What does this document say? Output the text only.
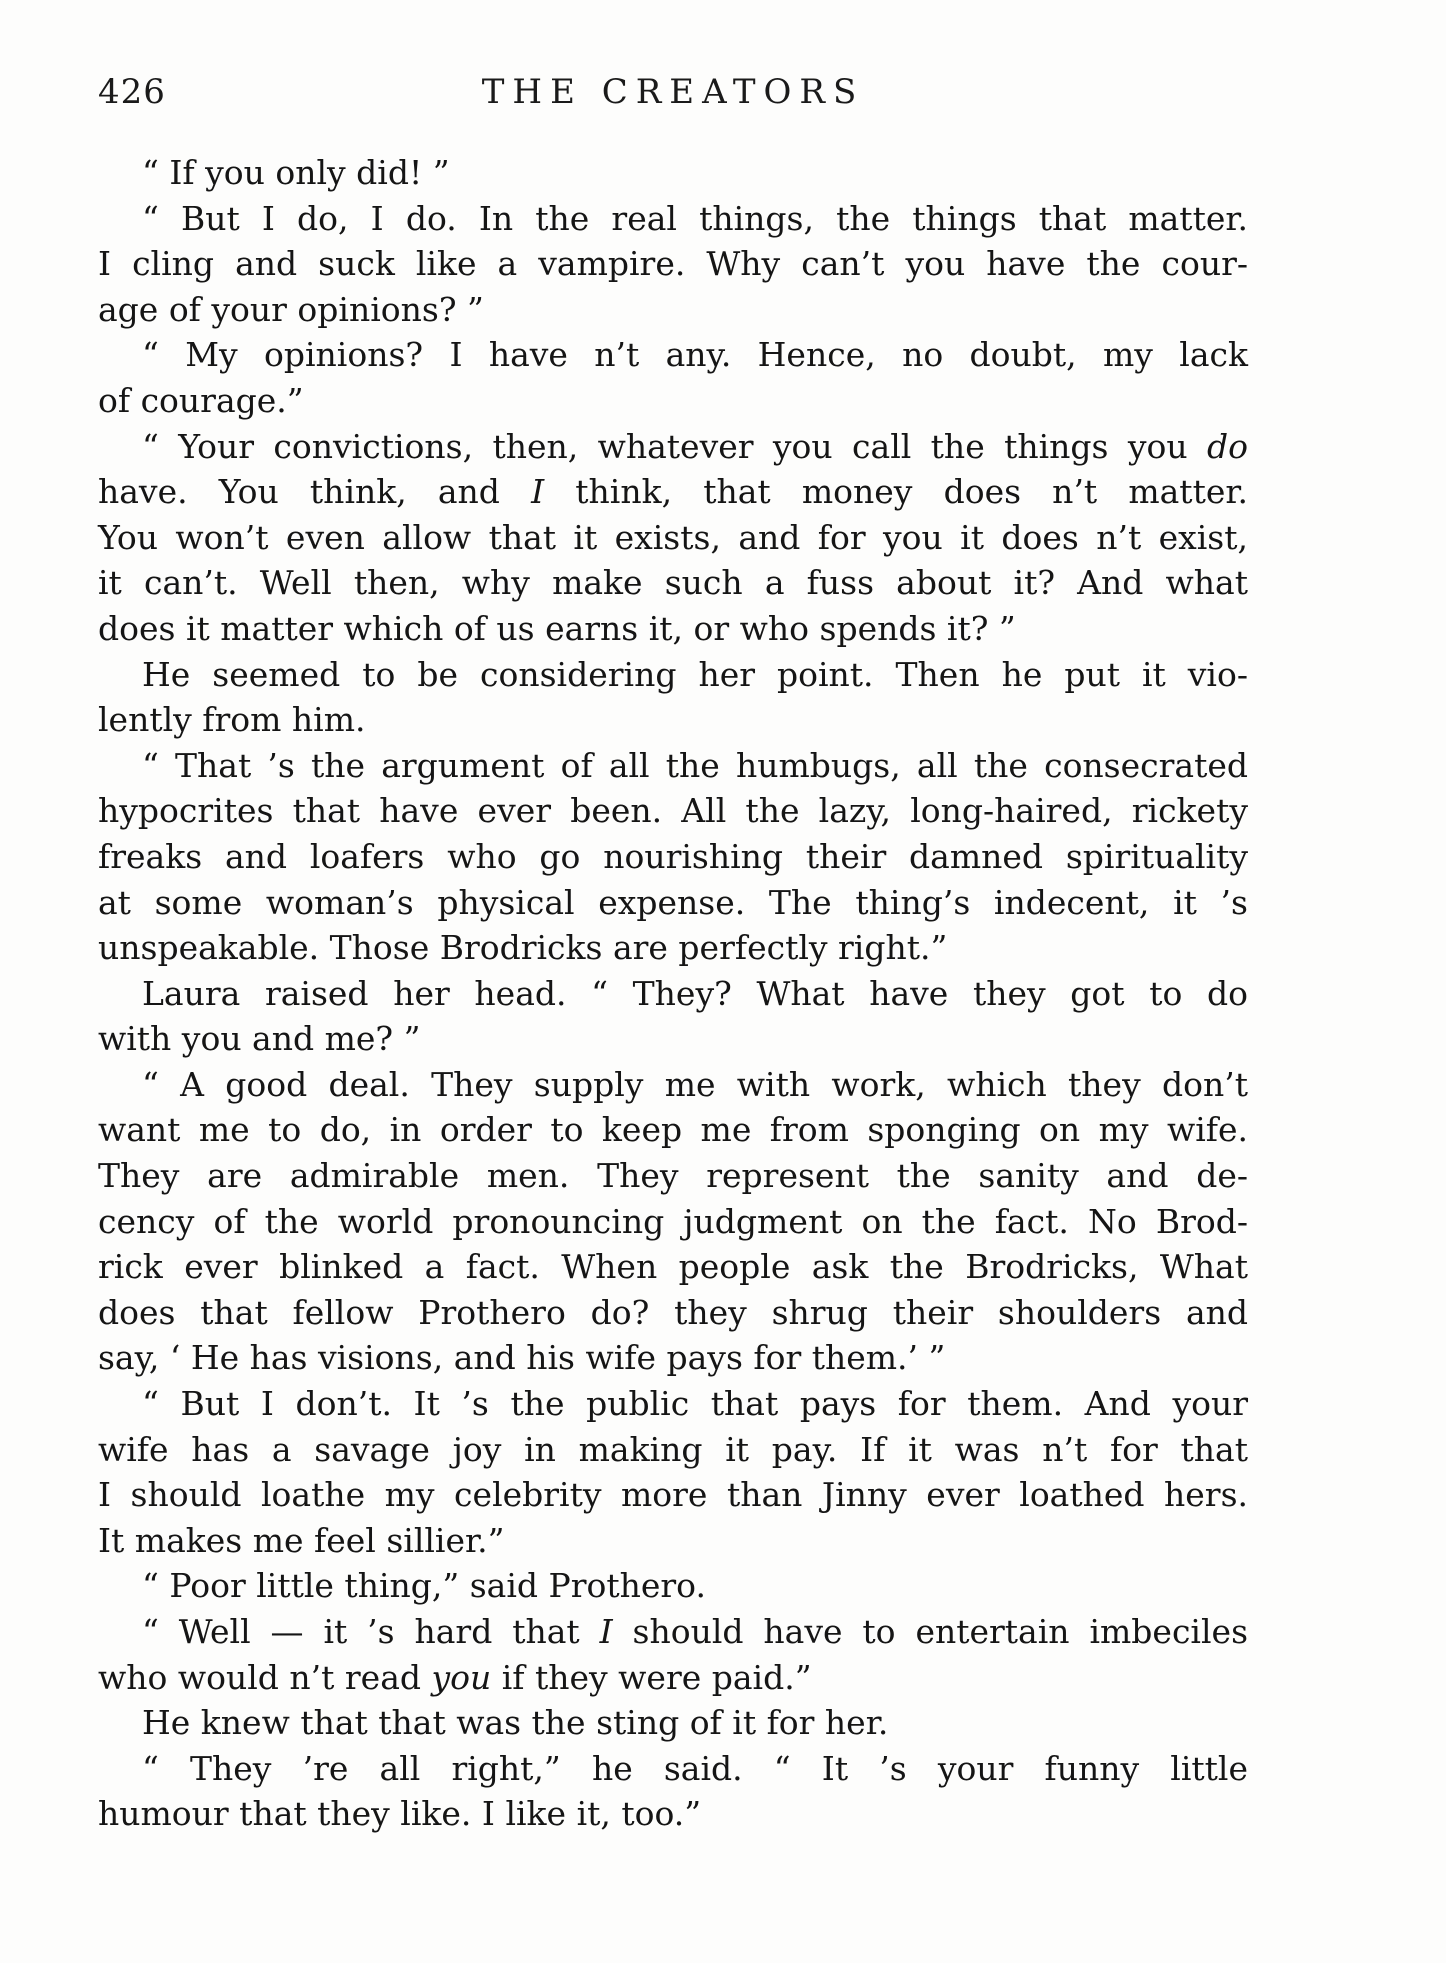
426	THE CREATORS
“ If you only did! ”
“ But I do, I do. In the real things, the things that matter.
I cling and suck like a vampire. Why can’t you have the cour-
age of your opinions? ”
“ My opinions? I have n’t any. Hence, no doubt, my lack
of courage.”
“ Your convictions, then, whatever you call the things you do
have. You think, and I think, that money does n’t matter.
You won’t even allow that it exists, and for you it does n’t exist,
it can’t. Well then, why make such a fuss about it? And what
does it matter which of us earns it, or who spends it? ”
He seemed to be considering her point. Then he put it vio-
lently from him.
“ That ’s the argument of all the humbugs, all the consecrated
hypocrites that have ever been. All the lazy, long-haired, rickety
freaks and loafers who go nourishing their damned spirituality
at some woman’s physical expense. The thing’s indecent, it ’s
unspeakable. Those Brodricks are perfectly right.”
Laura raised her head. “ They? What have they got to do
with you and me? ”
“ A good deal. They supply me with work, which they don’t
want me to do, in order to keep me from sponging on my wife.
They are admirable men. They represent the sanity and de-
cency of the world pronouncing judgment on the fact. No Brod-
rick ever blinked a fact. When people ask the Brodricks, What
does that fellow Prothero do? they shrug their shoulders and
say, ‘ He has visions, and his wife pays for them.’ ”
“ But I don’t. It ’s the public that pays for them. And your
wife has a savage joy in making it pay. If it was n’t for that
I should loathe my celebrity more than Jinny ever loathed hers.
It makes me feel sillier.”
“ Poor little thing,” said Prothero.
“ Well — it ’s hard that I should have to entertain imbeciles
who would n’t read you if they were paid.”
He knew that that was the sting of it for her.
“ They ’re all right,” he said. “ It ’s your funny little
humour that they like. I like it, too.”
